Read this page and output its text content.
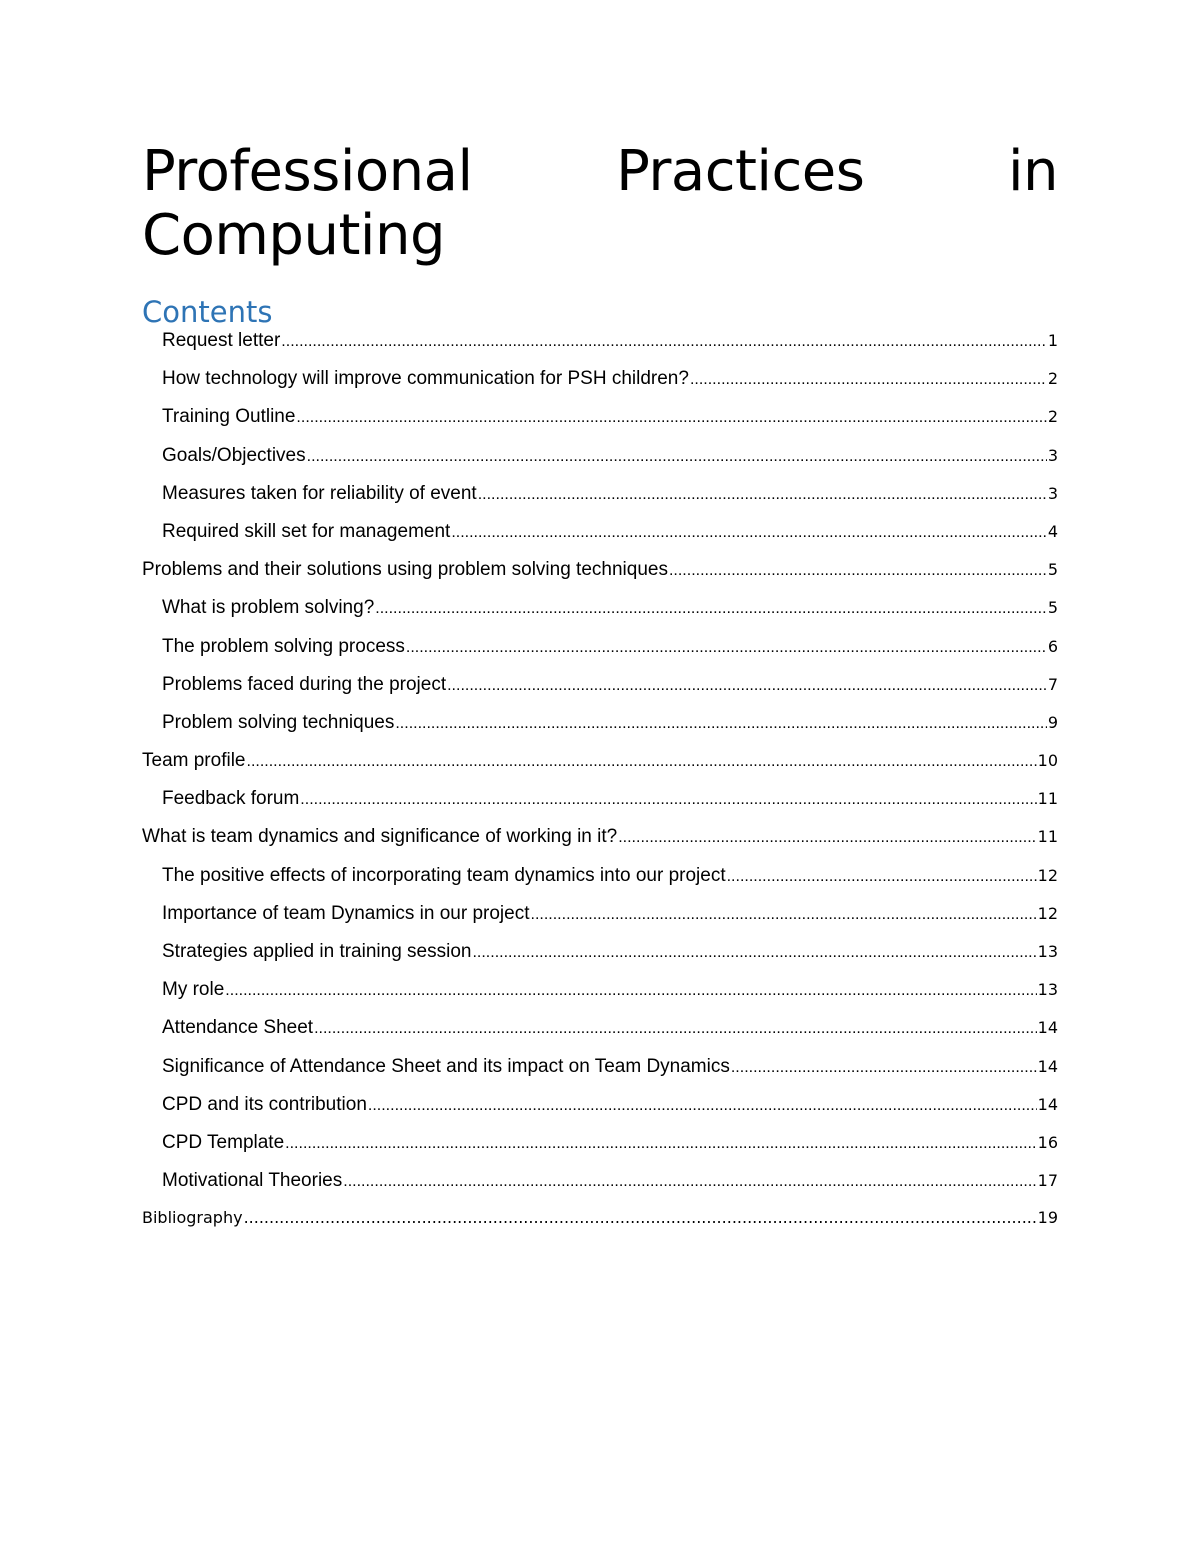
Professional	Practices	in
Computing
Contents
Request letter .....	1
How technology will improve communication for PSH children? .....	2
Training Outline .....	2
Goals/Objectives .....	3
Measures taken for reliability of event .....	3
Required skill set for management .....	4
Problems and their solutions using problem solving techniques .....	5
What is problem solving? .....	5
The problem solving process .....	6
Problems faced during the project .....	7
Problem solving techniques .....	9
Team profile .....	10
Feedback forum .....	11
What is team dynamics and significance of working in it? .....	11
The positive effects of incorporating team dynamics into our project .....	12
Importance of team Dynamics in our project .....	12
Strategies applied in training session .....	13
My role .....	13
Attendance Sheet .....	14
Significance of Attendance Sheet and its impact on Team Dynamics .....	14
CPD and its contribution .....	14
CPD Template .....	16
Motivational Theories .....	17
Bibliography .....	19
